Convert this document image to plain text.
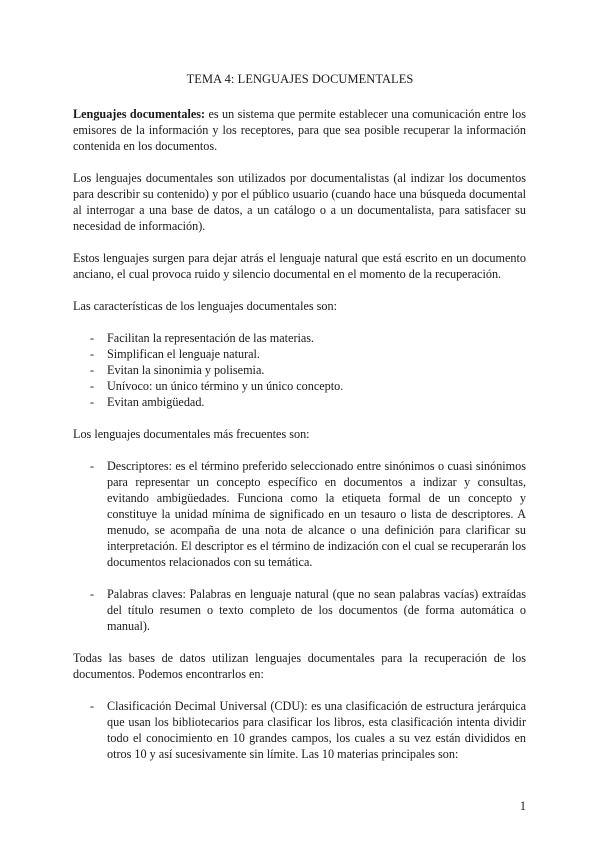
TEMA 4: LENGUAJES DOCUMENTALES

Lenguajes documentales: es un sistema que permite establecer una comunicación entre los emisores de la información y los receptores, para que sea posible recuperar la información contenida en los documentos.

Los lenguajes documentales son utilizados por documentalistas (al indizar los documentos para describir su contenido) y por el público usuario (cuando hace una búsqueda documental al interrogar a una base de datos, a un catálogo o a un documentalista, para satisfacer su necesidad de información).

Estos lenguajes surgen para dejar atrás el lenguaje natural que está escrito en un documento anciano, el cual provoca ruido y silencio documental en el momento de la recuperación.

Las características de los lenguajes documentales son:

- Facilitan la representación de las materias.
- Simplifican el lenguaje natural.
- Evitan la sinonimia y polisemia.
- Unívoco: un único término y un único concepto.
- Evitan ambigüedad.

Los lenguajes documentales más frecuentes son:

- Descriptores: es el término preferido seleccionado entre sinónimos o cuasi sinónimos para representar un concepto específico en documentos a indizar y consultas, evitando ambigüedades. Funciona como la etiqueta formal de un concepto y constituye la unidad mínima de significado en un tesauro o lista de descriptores. A menudo, se acompaña de una nota de alcance o una definición para clarificar su interpretación. El descriptor es el término de indización con el cual se recuperarán los documentos relacionados con su temática.
- Palabras claves: Palabras en lenguaje natural (que no sean palabras vacías) extraídas del título resumen o texto completo de los documentos (de forma automática o manual).

Todas las bases de datos utilizan lenguajes documentales para la recuperación de los documentos. Podemos encontrarlos en:

- Clasificación Decimal Universal (CDU): es una clasificación de estructura jerárquica que usan los bibliotecarios para clasificar los libros, esta clasificación intenta dividir todo el conocimiento en 10 grandes campos, los cuales a su vez están divididos en otros 10 y así sucesivamente sin límite. Las 10 materias principales son:
1
